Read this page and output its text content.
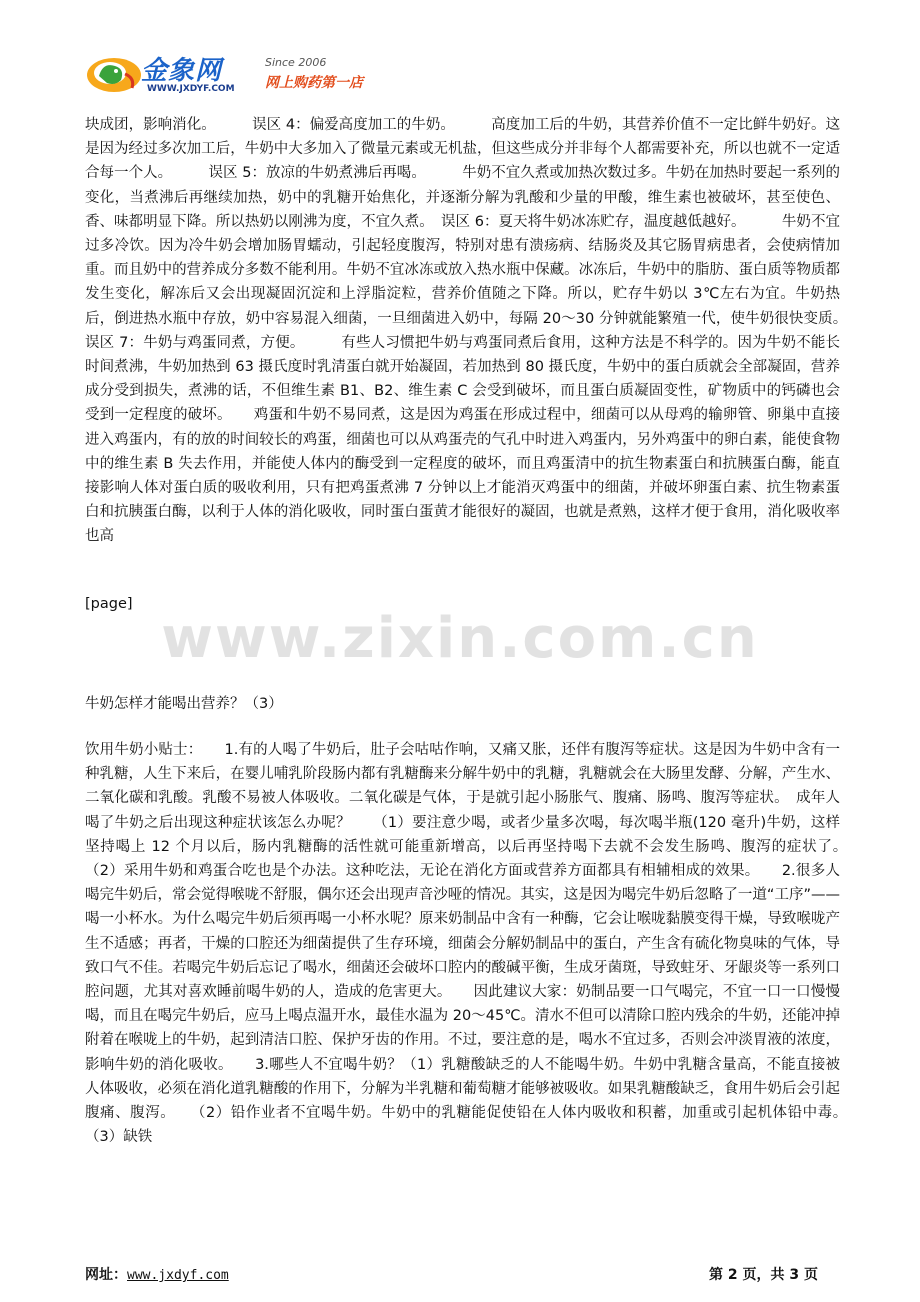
金象网
WWW.JXDYF.COM
Since 2006
网上购药第一店
块成团，影响消化。　　　误区 4：偏爱高度加工的牛奶。　　　高度加工后的牛奶，其营养价值不一定比鲜牛奶好。这是因为经过多次加工后，牛奶中大多加入了微量元素或无机盐，但这些成分并非每个人都需要补充，所以也就不一定适合每一个人。　　　误区 5：放凉的牛奶煮沸后再喝。　　　牛奶不宜久煮或加热次数过多。牛奶在加热时要起一系列的变化，当煮沸后再继续加热，奶中的乳糖开始焦化，并逐渐分解为乳酸和少量的甲酸，维生素也被破坏，甚至使色、香、味都明显下降。所以热奶以刚沸为度，不宜久煮。　误区 6：夏天将牛奶冰冻贮存，温度越低越好。　　　牛奶不宜过多冷饮。因为冷牛奶会增加肠胃蠕动，引起轻度腹泻，特别对患有溃疡病、结肠炎及其它肠胃病患者，会使病情加重。而且奶中的营养成分多数不能利用。牛奶不宜冰冻或放入热水瓶中保藏。冰冻后，牛奶中的脂肪、蛋白质等物质都发生变化，解冻后又会出现凝固沉淀和上浮脂淀粒，营养价值随之下降。所以，贮存牛奶以 3℃左右为宜。牛奶热后，倒进热水瓶中存放，奶中容易混入细菌，一旦细菌进入奶中，每隔 20～30 分钟就能繁殖一代，使牛奶很快变质。　误区 7：牛奶与鸡蛋同煮，方便。　　　有些人习惯把牛奶与鸡蛋同煮后食用，这种方法是不科学的。因为牛奶不能长时间煮沸，牛奶加热到 63 摄氏度时乳清蛋白就开始凝固，若加热到 80 摄氏度，牛奶中的蛋白质就会全部凝固，营养成分受到损失，煮沸的话，不但维生素 B1、B2、维生素 C 会受到破坏，而且蛋白质凝固变性，矿物质中的钙磷也会受到一定程度的破坏。　　鸡蛋和牛奶不易同煮，这是因为鸡蛋在形成过程中，细菌可以从母鸡的输卵管、卵巢中直接进入鸡蛋内，有的放的时间较长的鸡蛋，细菌也可以从鸡蛋壳的气孔中时进入鸡蛋内，另外鸡蛋中的卵白素，能使食物中的维生素 B 失去作用，并能使人体内的酶受到一定程度的破坏，而且鸡蛋清中的抗生物素蛋白和抗胰蛋白酶，能直接影响人体对蛋白质的吸收利用，只有把鸡蛋煮沸 7 分钟以上才能消灭鸡蛋中的细菌，并破坏卵蛋白素、抗生物素蛋白和抗胰蛋白酶，以利于人体的消化吸收，同时蛋白蛋黄才能很好的凝固，也就是煮熟，这样才便于食用，消化吸收率也高
[page]
www.zixin.com.cn
牛奶怎样才能喝出营养？（3）
饮用牛奶小贴士：　　1.有的人喝了牛奶后，肚子会咕咕作响，又痛又胀，还伴有腹泻等症状。这是因为牛奶中含有一种乳糖，人生下来后，在婴儿哺乳阶段肠内都有乳糖酶来分解牛奶中的乳糖，乳糖就会在大肠里发酵、分解，产生水、二氧化碳和乳酸。乳酸不易被人体吸收。二氧化碳是气体，于是就引起小肠胀气、腹痛、肠鸣、腹泻等症状。　成年人喝了牛奶之后出现这种症状该怎么办呢？　　（1）要注意少喝，或者少量多次喝，每次喝半瓶(120 毫升)牛奶，这样坚持喝上 12 个月以后，肠内乳糖酶的活性就可能重新增高，以后再坚持喝下去就不会发生肠鸣、腹泻的症状了。　　（2）采用牛奶和鸡蛋合吃也是个办法。这种吃法，无论在消化方面或营养方面都具有相辅相成的效果。　　2.很多人喝完牛奶后，常会觉得喉咙不舒服，偶尔还会出现声音沙哑的情况。其实，这是因为喝完牛奶后忽略了一道“工序”——喝一小杯水。为什么喝完牛奶后须再喝一小杯水呢？原来奶制品中含有一种酶，它会让喉咙黏膜变得干燥，导致喉咙产生不适感；再者，干燥的口腔还为细菌提供了生存环境，细菌会分解奶制品中的蛋白，产生含有硫化物臭味的气体，导致口气不佳。若喝完牛奶后忘记了喝水，细菌还会破坏口腔内的酸碱平衡，生成牙菌斑，导致蛀牙、牙龈炎等一系列口腔问题，尤其对喜欢睡前喝牛奶的人，造成的危害更大。　　因此建议大家：奶制品要一口气喝完，不宜一口一口慢慢喝，而且在喝完牛奶后，应马上喝点温开水，最佳水温为 20～45℃。清水不但可以清除口腔内残余的牛奶，还能冲掉附着在喉咙上的牛奶，起到清洁口腔、保护牙齿的作用。不过，要注意的是，喝水不宜过多，否则会冲淡胃液的浓度，影响牛奶的消化吸收。　　3.哪些人不宜喝牛奶？（1）乳糖酸缺乏的人不能喝牛奶。牛奶中乳糖含量高，不能直接被人体吸收，必须在消化道乳糖酸的作用下，分解为半乳糖和葡萄糖才能够被吸收。如果乳糖酸缺乏，食用牛奶后会引起腹痛、腹泻。　　（2）铅作业者不宜喝牛奶。牛奶中的乳糖能促使铅在人体内吸收和积蓄，加重或引起机体铅中毒。　　（3）缺铁
网址：www.jxdyf.com	第 2 页，共 3 页
